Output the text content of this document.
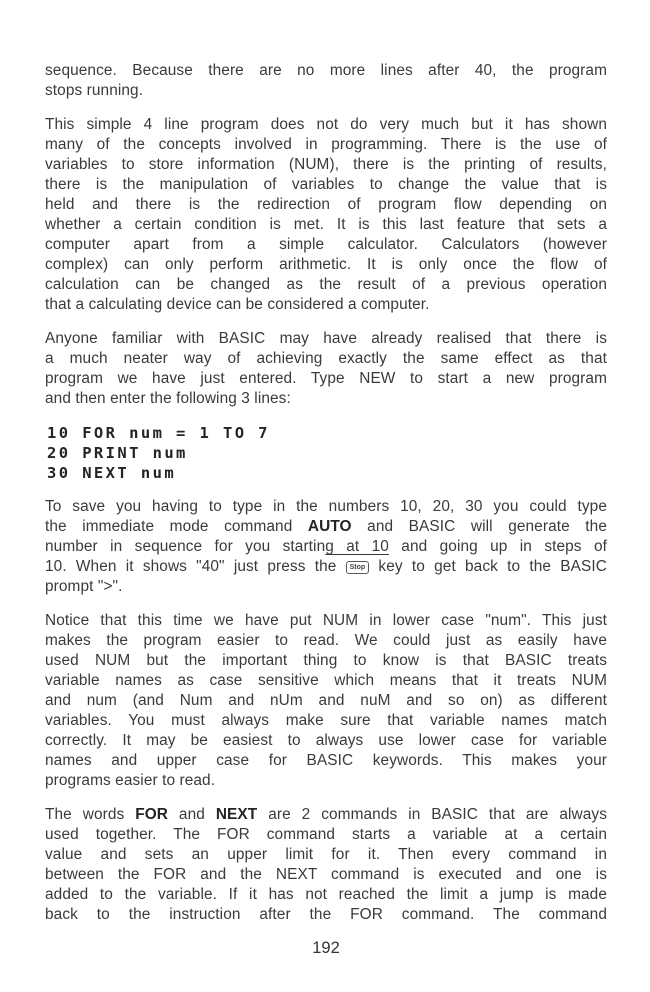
sequence. Because there are no more lines after 40, the program
stops running.
This simple 4 line program does not do very much but it has shown
many of the concepts involved in programming. There is the use of
variables to store information (NUM), there is the printing of results,
there is the manipulation of variables to change the value that is
held and there is the redirection of program flow depending on
whether a certain condition is met. It is this last feature that sets a
computer apart from a simple calculator. Calculators (however
complex) can only perform arithmetic. It is only once the flow of
calculation can be changed as the result of a previous operation
that a calculating device can be considered a computer.
Anyone familiar with BASIC may have already realised that there is
a much neater way of achieving exactly the same effect as that
program we have just entered. Type NEW to start a new program
and then enter the following 3 lines:
10 FOR num = 1 TO 7
20 PRINT num
30 NEXT num
To save you having to type in the numbers 10, 20, 30 you could type
the immediate mode command AUTO and BASIC will generate the
number in sequence for you starting at 10 and going up in steps of
10. When it shows "40" just press the Stop key to get back to the BASIC
prompt ">".
Notice that this time we have put NUM in lower case "num". This just
makes the program easier to read. We could just as easily have
used NUM but the important thing to know is that BASIC treats
variable names as case sensitive which means that it treats NUM
and num (and Num and nUm and nuM and so on) as different
variables. You must always make sure that variable names match
correctly. It may be easiest to always use lower case for variable
names and upper case for BASIC keywords. This makes your
programs easier to read.
The words FOR and NEXT are 2 commands in BASIC that are always
used together. The FOR command starts a variable at a certain
value and sets an upper limit for it. Then every command in
between the FOR and the NEXT command is executed and one is
added to the variable. If it has not reached the limit a jump is made
back to the instruction after the FOR command. The command
192
